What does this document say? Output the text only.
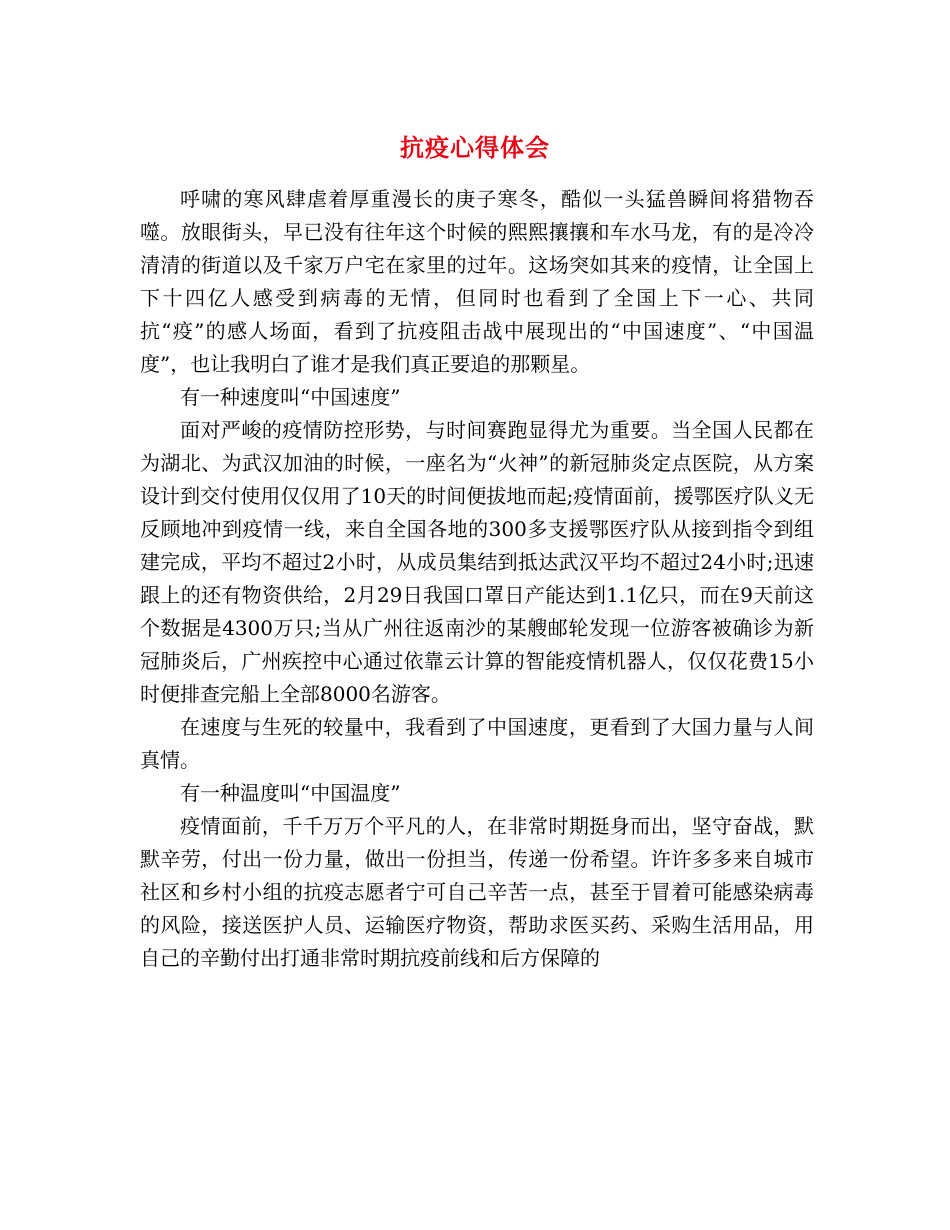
抗疫心得体会

呼啸的寒风肆虐着厚重漫长的庚子寒冬，酷似一头猛兽瞬间将猎物吞噬。放眼街头，早已没有往年这个时候的熙熙攘攘和车水马龙，有的是冷冷清清的街道以及千家万户宅在家里的过年。这场突如其来的疫情，让全国上下十四亿人感受到病毒的无情，但同时也看到了全国上下一心、共同抗“疫”的感人场面，看到了抗疫阻击战中展现出的“中国速度”、“中国温度”，也让我明白了谁才是我们真正要追的那颗星。

有一种速度叫“中国速度”

面对严峻的疫情防控形势，与时间赛跑显得尤为重要。当全国人民都在为湖北、为武汉加油的时候，一座名为“火神”的新冠肺炎定点医院，从方案设计到交付使用仅仅用了10天的时间便拔地而起;疫情面前，援鄂医疗队义无反顾地冲到疫情一线，来自全国各地的300多支援鄂医疗队从接到指令到组建完成，平均不超过2小时，从成员集结到抵达武汉平均不超过24小时;迅速跟上的还有物资供给，2月29日我国口罩日产能达到1.1亿只，而在9天前这个数据是4300万只;当从广州往返南沙的某艘邮轮发现一位游客被确诊为新冠肺炎后，广州疾控中心通过依靠云计算的智能疫情机器人，仅仅花费15小时便排查完船上全部8000名游客。

在速度与生死的较量中，我看到了中国速度，更看到了大国力量与人间真情。

有一种温度叫“中国温度”

疫情面前，千千万万个平凡的人，在非常时期挺身而出，坚守奋战，默默辛劳，付出一份力量，做出一份担当，传递一份希望。许许多多来自城市社区和乡村小组的抗疫志愿者宁可自己辛苦一点，甚至于冒着可能感染病毒的风险，接送医护人员、运输医疗物资，帮助求医买药、采购生活用品，用自己的辛勤付出打通非常时期抗疫前线和后方保障的
